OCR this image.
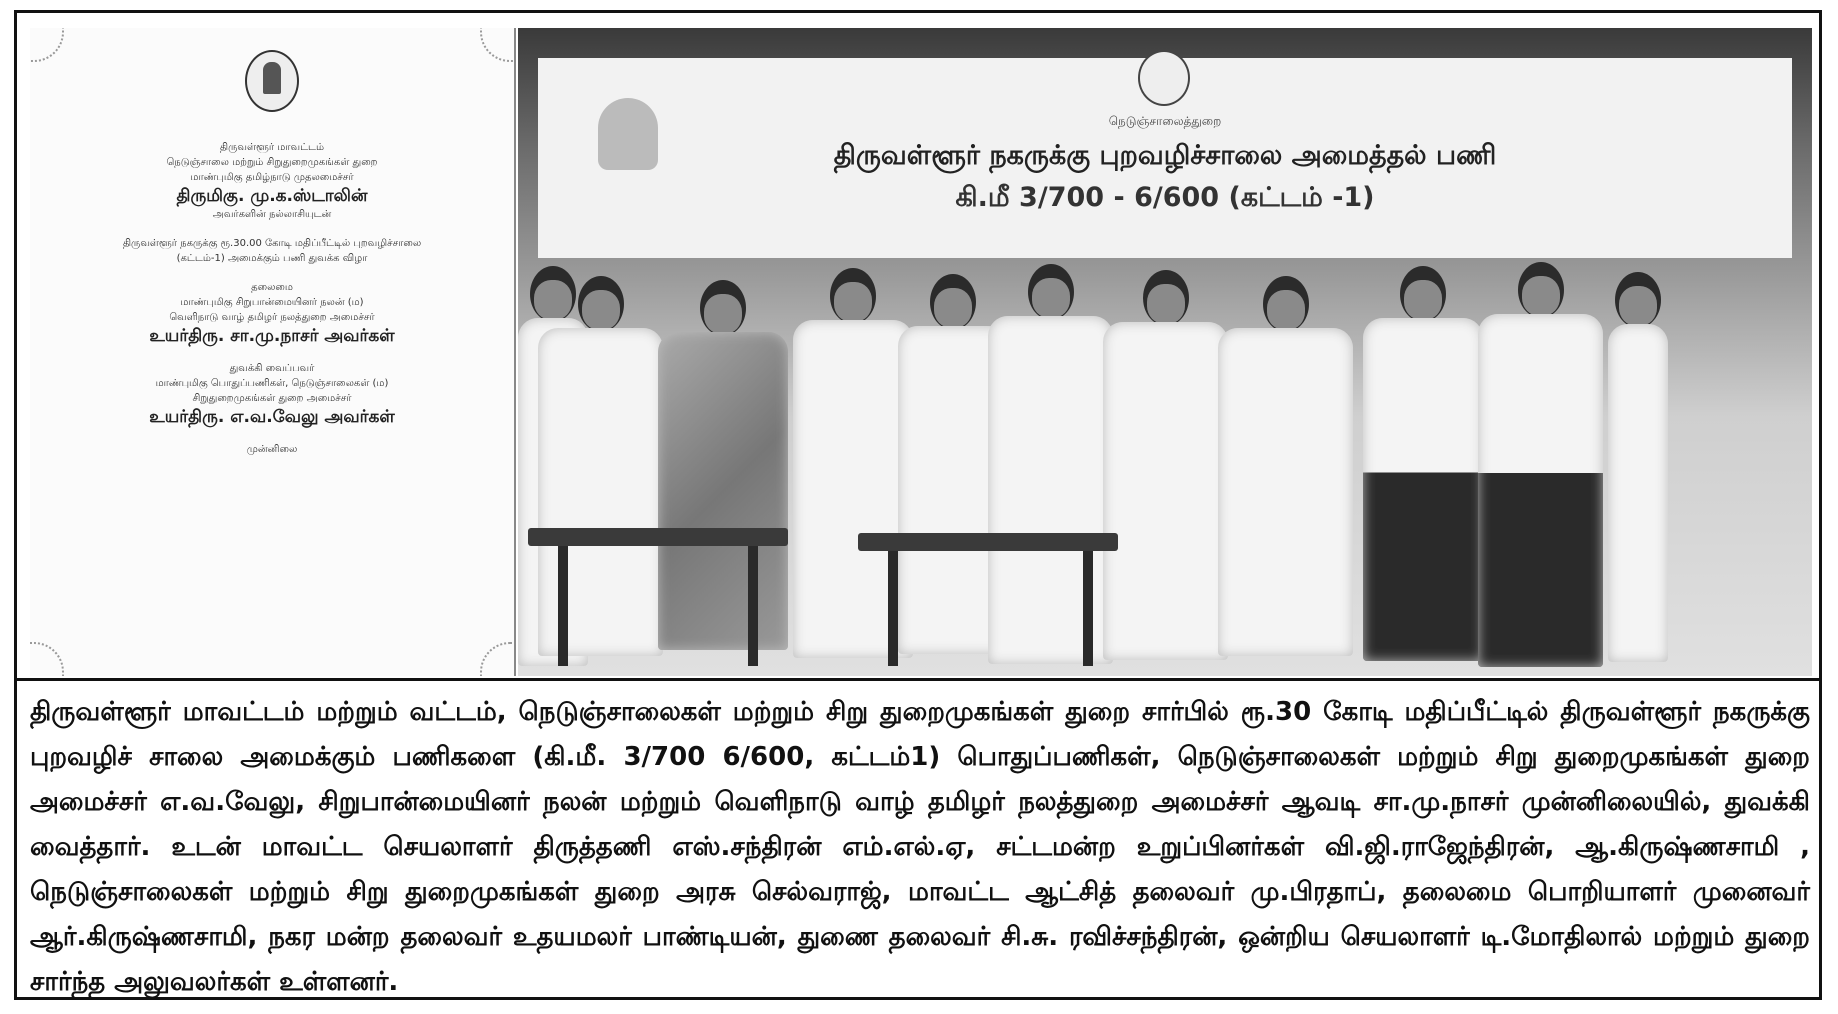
திருவள்ளூர் மாவட்டம்
நெடுஞ்சாலை மற்றும் சிறுதுறைமுகங்கள் துறை
மாண்புமிகு தமிழ்நாடு முதலமைச்சர்
திருமிகு. மு.க.ஸ்டாலின்
அவர்களின் நல்லாசியுடன்
திருவள்ளூர் நகருக்கு ரூ.30.00 கோடி மதிப்பீட்டில் புறவழிச்சாலை
(கட்டம்-1) அமைக்கும் பணி துவக்க விழா
தலைமை
மாண்புமிகு சிறுபான்மையினர் நலன் (ம)
வெளிநாடு வாழ் தமிழர் நலத்துறை அமைச்சர்
உயர்திரு. சா.மு.நாசர் அவர்கள்
துவக்கி வைப்பவர்
மாண்புமிகு பொதுப்பணிகள், நெடுஞ்சாலைகள் (ம)
சிறுதுறைமுகங்கள் துறை அமைச்சர்
உயர்திரு. எ.வ.வேலு அவர்கள்
முன்னிலை
நெடுஞ்சாலைத்துறை
திருவள்ளூர் நகருக்கு புறவழிச்சாலை அமைத்தல் பணி
கி.மீ 3/700 - 6/600 (கட்டம் -1)
திருவள்ளூர் மாவட்டம் மற்றும் வட்டம், நெடுஞ்சாலைகள் மற்றும் சிறு துறைமுகங்கள் துறை சார்பில் ரூ.30 கோடி மதிப்பீட்டில் திருவள்ளூர் நகருக்கு புறவழிச் சாலை அமைக்கும் பணிகளை (கி.மீ. 3/700 6/600, கட்டம்1) பொதுப்பணிகள், நெடுஞ்சாலைகள் மற்றும் சிறு துறைமுகங்கள் துறை அமைச்சர் எ.வ.வேலு, சிறுபான்மையினர் நலன் மற்றும் வெளிநாடு வாழ் தமிழர் நலத்துறை அமைச்சர் ஆவடி சா.மு.நாசர் முன்னிலையில், துவக்கி வைத்தார். உடன் மாவட்ட செயலாளர் திருத்தணி எஸ்.சந்திரன் எம்.எல்.ஏ, சட்டமன்ற உறுப்பினர்கள் வி.ஜி.ராஜேந்திரன், ஆ.கிருஷ்ணசாமி , நெடுஞ்சாலைகள் மற்றும் சிறு துறைமுகங்கள் துறை அரசு செல்வராஜ், மாவட்ட ஆட்சித் தலைவர் மு.பிரதாப், தலைமை பொறியாளர் முனைவர் ஆர்.கிருஷ்ணசாமி, நகர மன்ற தலைவர் உதயமலர் பாண்டியன், துணை தலைவர் சி.சு. ரவிச்சந்திரன், ஒன்றிய செயலாளர் டி.மோதிலால் மற்றும் துறை சார்ந்த அலுவலர்கள் உள்ளனர்.
